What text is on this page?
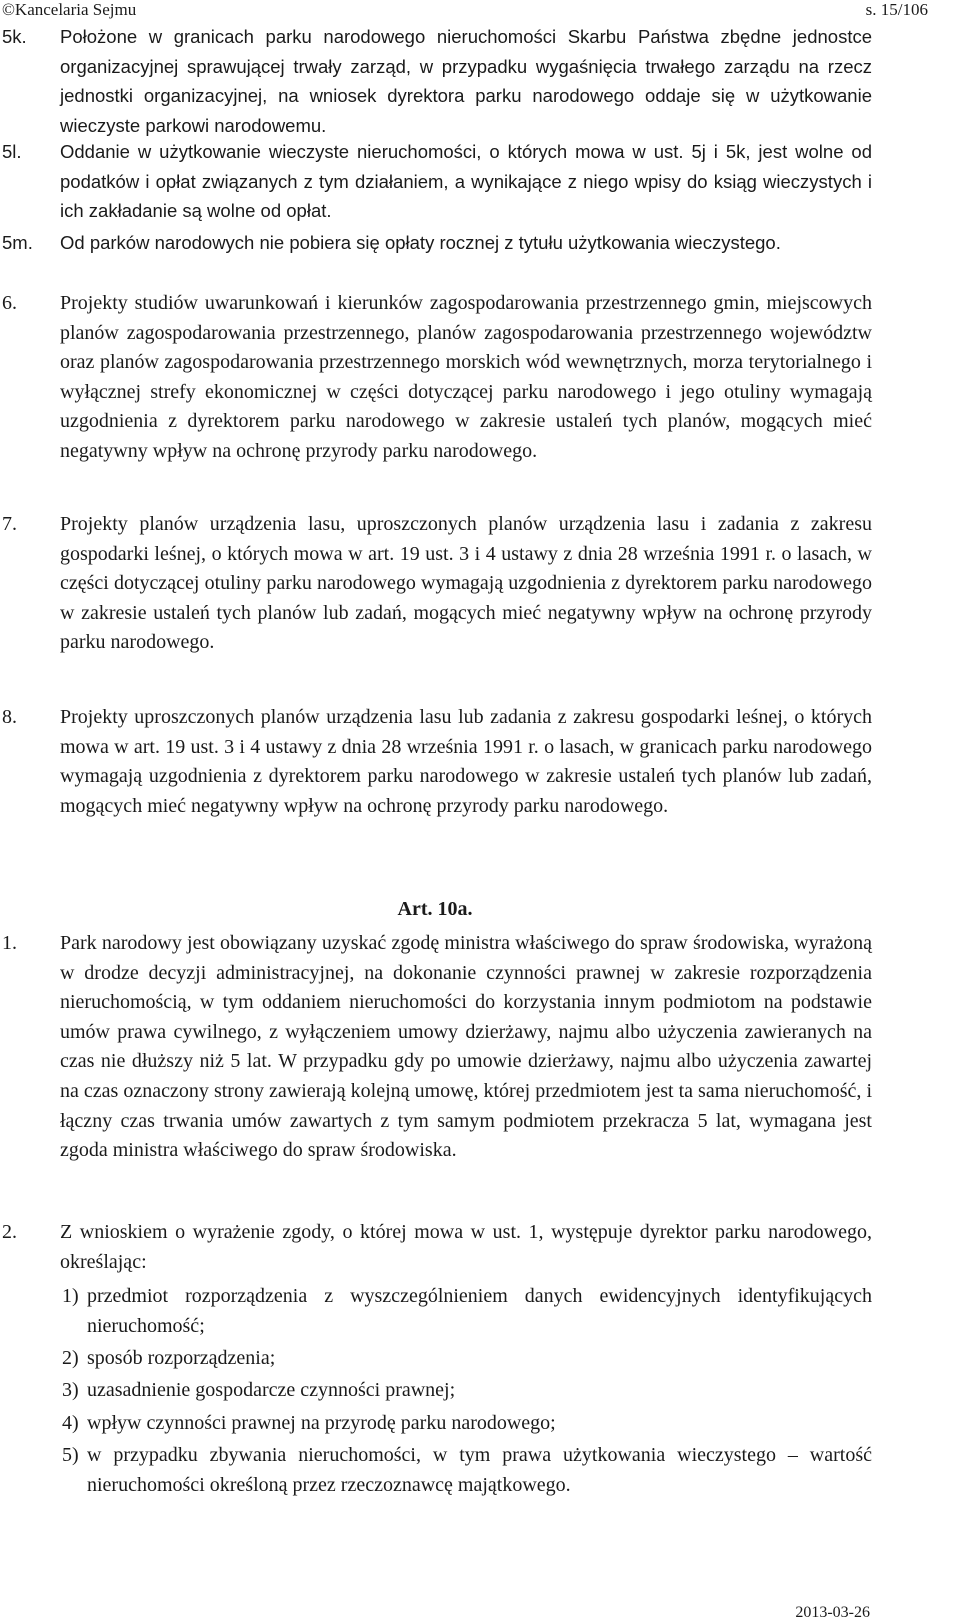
©Kancelaria Sejmu	s. 15/106
5k. Położone w granicach parku narodowego nieruchomości Skarbu Państwa zbędne jednostce organizacyjnej sprawującej trwały zarząd, w przypadku wygaśnięcia trwałego zarządu na rzecz jednostki organizacyjnej, na wniosek dyrektora parku narodowego oddaje się w użytkowanie wieczyste parkowi narodowemu.
5l. Oddanie w użytkowanie wieczyste nieruchomości, o których mowa w ust. 5j i 5k, jest wolne od podatków i opłat związanych z tym działaniem, a wynikające z niego wpisy do ksiąg wieczystych i ich zakładanie są wolne od opłat.
5m. Od parków narodowych nie pobiera się opłaty rocznej z tytułu użytkowania wieczystego.
6. Projekty studiów uwarunkowań i kierunków zagospodarowania przestrzennego gmin, miejscowych planów zagospodarowania przestrzennego, planów zagospodarowania przestrzennego województw oraz planów zagospodarowania przestrzennego morskich wód wewnętrznych, morza terytorialnego i wyłącznej strefy ekonomicznej w części dotyczącej parku narodowego i jego otuliny wymagają uzgodnienia z dyrektorem parku narodowego w zakresie ustaleń tych planów, mogących mieć negatywny wpływ na ochronę przyrody parku narodowego.
7. Projekty planów urządzenia lasu, uproszczonych planów urządzenia lasu i zadania z zakresu gospodarki leśnej, o których mowa w art. 19 ust. 3 i 4 ustawy z dnia 28 września 1991 r. o lasach, w części dotyczącej otuliny parku narodowego wymagają uzgodnienia z dyrektorem parku narodowego w zakresie ustaleń tych planów lub zadań, mogących mieć negatywny wpływ na ochronę przyrody parku narodowego.
8. Projekty uproszczonych planów urządzenia lasu lub zadania z zakresu gospodarki leśnej, o których mowa w art. 19 ust. 3 i 4 ustawy z dnia 28 września 1991 r. o lasach, w granicach parku narodowego wymagają uzgodnienia z dyrektorem parku narodowego w zakresie ustaleń tych planów lub zadań, mogących mieć negatywny wpływ na ochronę przyrody parku narodowego.
Art. 10a.
1. Park narodowy jest obowiązany uzyskać zgodę ministra właściwego do spraw środowiska, wyrażoną w drodze decyzji administracyjnej, na dokonanie czynności prawnej w zakresie rozporządzenia nieruchomością, w tym oddaniem nieruchomości do korzystania innym podmiotom na podstawie umów prawa cywilnego, z wyłączeniem umowy dzierżawy, najmu albo użyczenia zawieranych na czas nie dłuższy niż 5 lat. W przypadku gdy po umowie dzierżawy, najmu albo użyczenia zawartej na czas oznaczony strony zawierają kolejną umowę, której przedmiotem jest ta sama nieruchomość, i łączny czas trwania umów zawartych z tym samym podmiotem przekracza 5 lat, wymagana jest zgoda ministra właściwego do spraw środowiska.
2. Z wnioskiem o wyrażenie zgody, o której mowa w ust. 1, występuje dyrektor parku narodowego, określając:
1) przedmiot rozporządzenia z wyszczególnieniem danych ewidencyjnych identyfikujących nieruchomość;
2) sposób rozporządzenia;
3) uzasadnienie gospodarcze czynności prawnej;
4) wpływ czynności prawnej na przyrodę parku narodowego;
5) w przypadku zbywania nieruchomości, w tym prawa użytkowania wieczystego – wartość nieruchomości określoną przez rzeczoznawcę majątkowego.
2013-03-26
